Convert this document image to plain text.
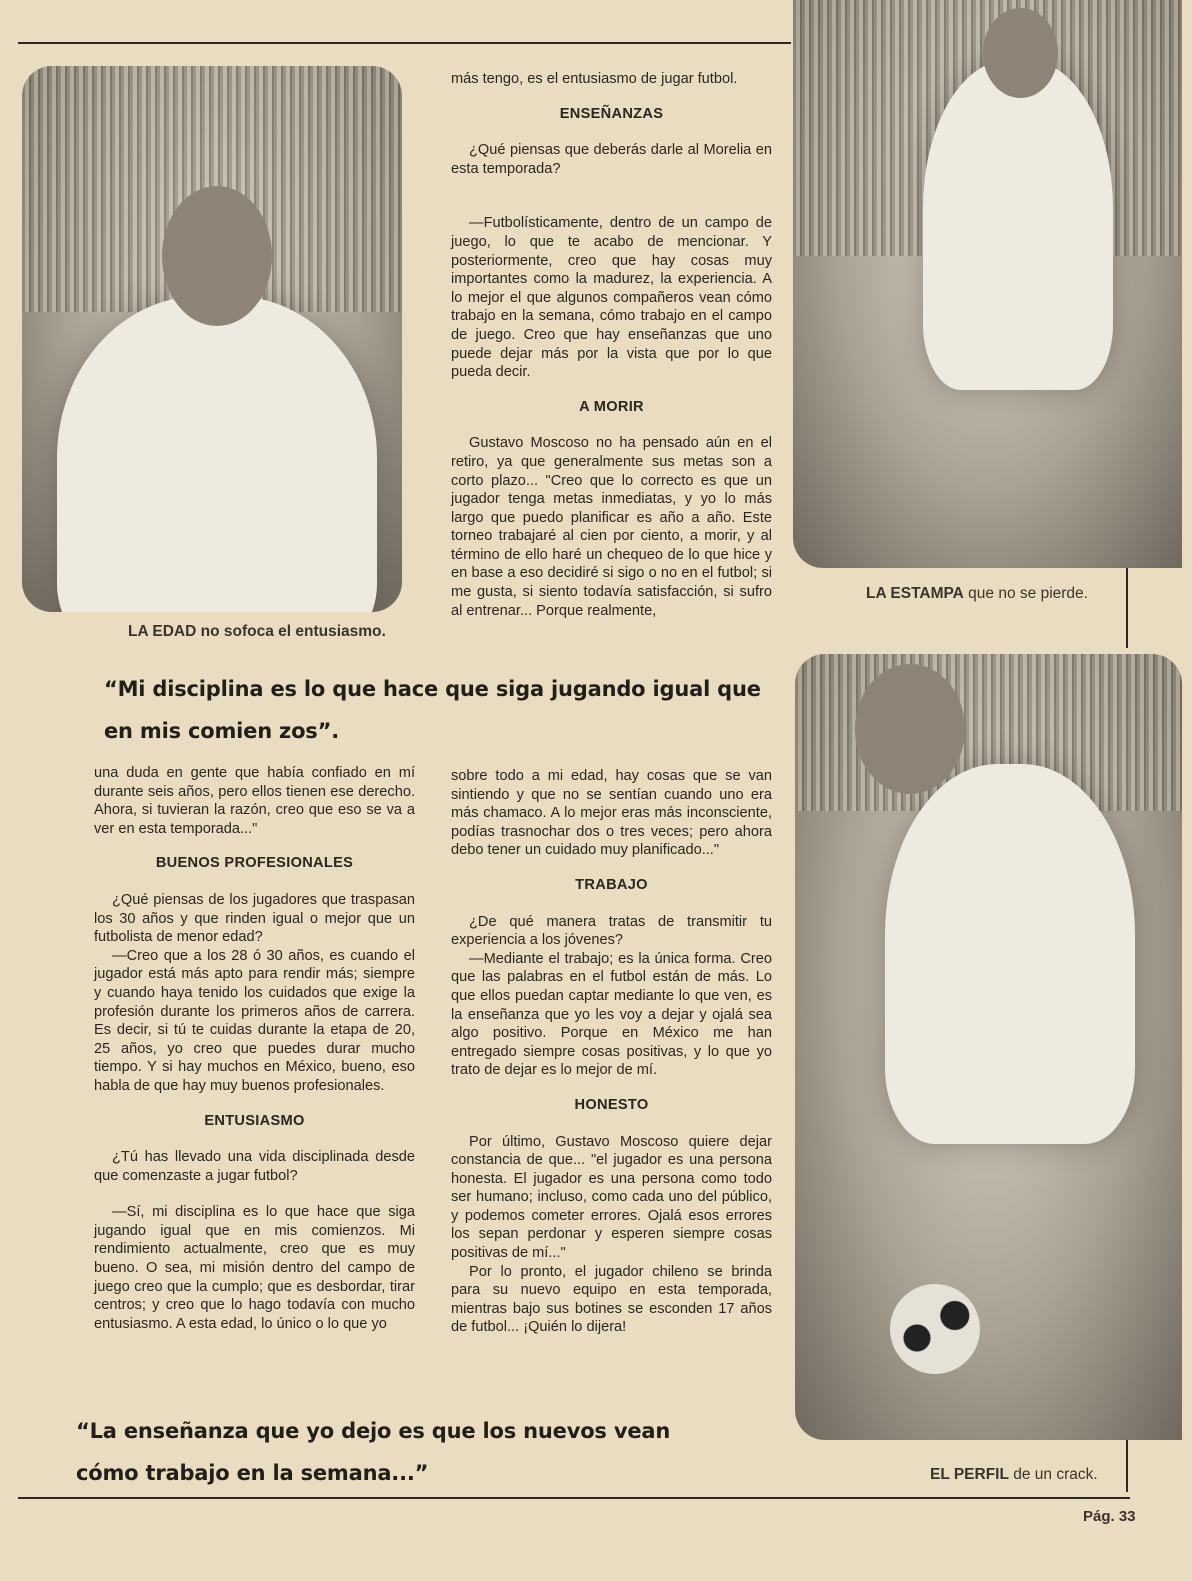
LA EDAD no sofoca el entusiasmo.
LA ESTAMPA que no se pierde.
EL PERFIL de un crack.

más tengo, es el entusiasmo de jugar futbol.

ENSEÑANZAS

¿Qué piensas que deberás darle al Morelia en esta temporada?

—Futbolísticamente, dentro de un campo de juego, lo que te acabo de mencionar. Y posteriormente, creo que hay cosas muy importantes como la madurez, la experiencia. A lo mejor el que algunos compañeros vean cómo trabajo en la semana, cómo trabajo en el campo de juego. Creo que hay enseñanzas que uno puede dejar más por la vista que por lo que pueda decir.

A MORIR

Gustavo Moscoso no ha pensado aún en el retiro, ya que generalmente sus metas son a corto plazo... "Creo que lo correcto es que un jugador tenga metas inmediatas, y yo lo más largo que puedo planificar es año a año. Este torneo trabajaré al cien por ciento, a morir, y al término de ello haré un chequeo de lo que hice y en base a eso decidiré si sigo o no en el futbol; si me gusta, si siento todavía satisfacción, si sufro al entrenar... Porque realmente,

“Mi disciplina es lo que hace que siga jugando igual que
en mis comien zos”.

una duda en gente que había confiado en mí durante seis años, pero ellos tienen ese derecho. Ahora, si tuvieran la razón, creo que eso se va a ver en esta temporada..."

BUENOS PROFESIONALES

¿Qué piensas de los jugadores que traspasan los 30 años y que rinden igual o mejor que un futbolista de menor edad?

—Creo que a los 28 ó 30 años, es cuando el jugador está más apto para rendir más; siempre y cuando haya tenido los cuidados que exige la profesión durante los primeros años de carrera. Es decir, si tú te cuidas durante la etapa de 20, 25 años, yo creo que puedes durar mucho tiempo. Y si hay muchos en México, bueno, eso habla de que hay muy buenos profesionales.

ENTUSIASMO

¿Tú has llevado una vida disciplinada desde que comenzaste a jugar futbol?

—Sí, mi disciplina es lo que hace que siga jugando igual que en mis comienzos. Mi rendimiento actualmente, creo que es muy bueno. O sea, mi misión dentro del campo de juego creo que la cumplo; que es desbordar, tirar centros; y creo que lo hago todavía con mucho entusiasmo. A esta edad, lo único o lo que yo

sobre todo a mi edad, hay cosas que se van sintiendo y que no se sentían cuando uno era más chamaco. A lo mejor eras más inconsciente, podías trasnochar dos o tres veces; pero ahora debo tener un cuidado muy planificado..."

TRABAJO

¿De qué manera tratas de transmitir tu experiencia a los jóvenes?

—Mediante el trabajo; es la única forma. Creo que las palabras en el futbol están de más. Lo que ellos puedan captar mediante lo que ven, es la enseñanza que yo les voy a dejar y ojalá sea algo positivo. Porque en México me han entregado siempre cosas positivas, y lo que yo trato de dejar es lo mejor de mí.

HONESTO

Por último, Gustavo Moscoso quiere dejar constancia de que... "el jugador es una persona honesta. El jugador es una persona como todo ser humano; incluso, como cada uno del público, y podemos cometer errores. Ojalá esos errores los sepan perdonar y esperen siempre cosas positivas de mí..."

Por lo pronto, el jugador chileno se brinda para su nuevo equipo en esta temporada, mientras bajo sus botines se esconden 17 años de futbol... ¡Quién lo dijera!

“La enseñanza que yo dejo es que los nuevos vean
cómo trabajo en la semana...”
Pág. 33
